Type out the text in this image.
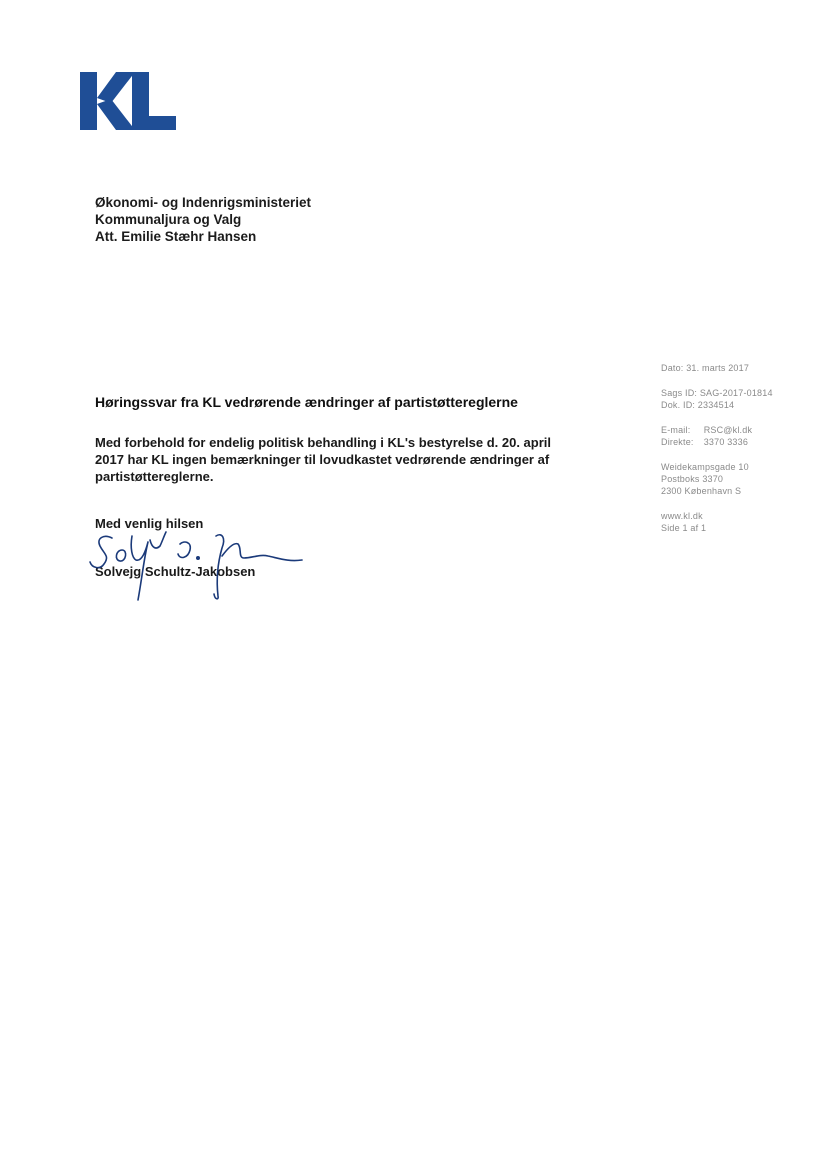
Økonomi- og Indenrigsministeriet
Kommunaljura og Valg
Att. Emilie Stæhr Hansen
Dato: 31. marts 2017
Sags ID: SAG-2017-01814
Dok. ID: 2334514
E-mail: RSC@kl.dk
Direkte: 3370 3336
Weidekampsgade 10
Postboks 3370
2300 København S
www.kl.dk
Side 1 af 1
Høringssvar fra KL vedrørende ændringer af partistøttereglerne
Med forbehold for endelig politisk behandling i KL's bestyrelse d. 20. april
2017 har KL ingen bemærkninger til lovudkastet vedrørende ændringer af
partistøttereglerne.
Med venlig hilsen
Solvejg Schultz-Jakobsen
